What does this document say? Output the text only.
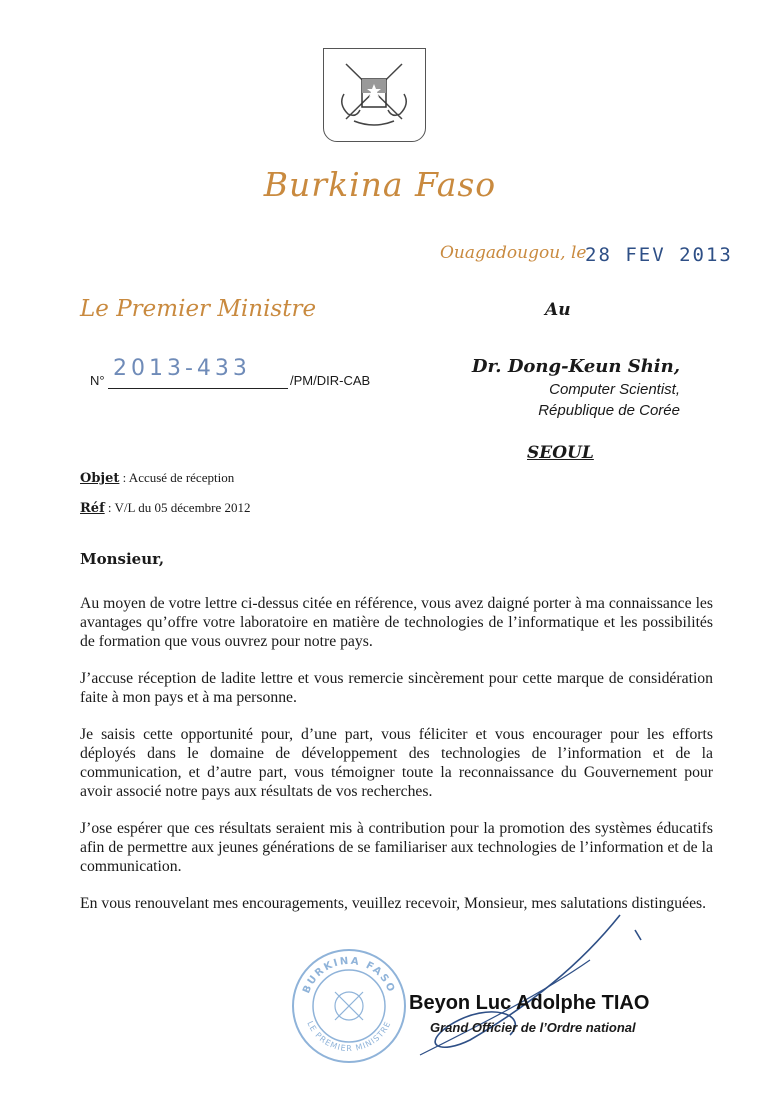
Burkina Faso
Ouagadougou, le
28 FEV 2013
Le Premier Ministre	Au
N° 2013-433	/PM/DIR-CAB
Dr. Dong-Keun Shin,
Computer Scientist,
République de Corée
SEOUL
Objet : Accusé de réception
Réf : V/L du 05 décembre 2012
Monsieur,

Au moyen de votre lettre ci-dessus citée en référence, vous avez daigné porter à ma connaissance les avantages qu’offre votre laboratoire en matière de technologies de l’informatique et les possibilités de formation que vous ouvrez pour notre pays.

J’accuse réception de ladite lettre et vous remercie sincèrement pour cette marque de considération faite à mon pays et à ma personne.

Je saisis cette opportunité pour, d’une part, vous féliciter et vous encourager pour les efforts déployés dans le domaine de développement des technologies de l’information et de la communication, et d’autre part, vous témoigner toute la reconnaissance du Gouvernement pour avoir associé notre pays aux résultats de vos recherches.

J’ose espérer que ces résultats seraient mis à contribution pour la promotion des systèmes éducatifs afin de permettre aux jeunes générations de se familiariser aux technologies de l’information et de la communication.

En vous renouvelant mes encouragements, veuillez recevoir, Monsieur, mes salutations distinguées.

BURKINA FASO
LE PREMIER MINISTRE
Beyon Luc Adolphe TIAO
Grand Officier de l’Ordre national
